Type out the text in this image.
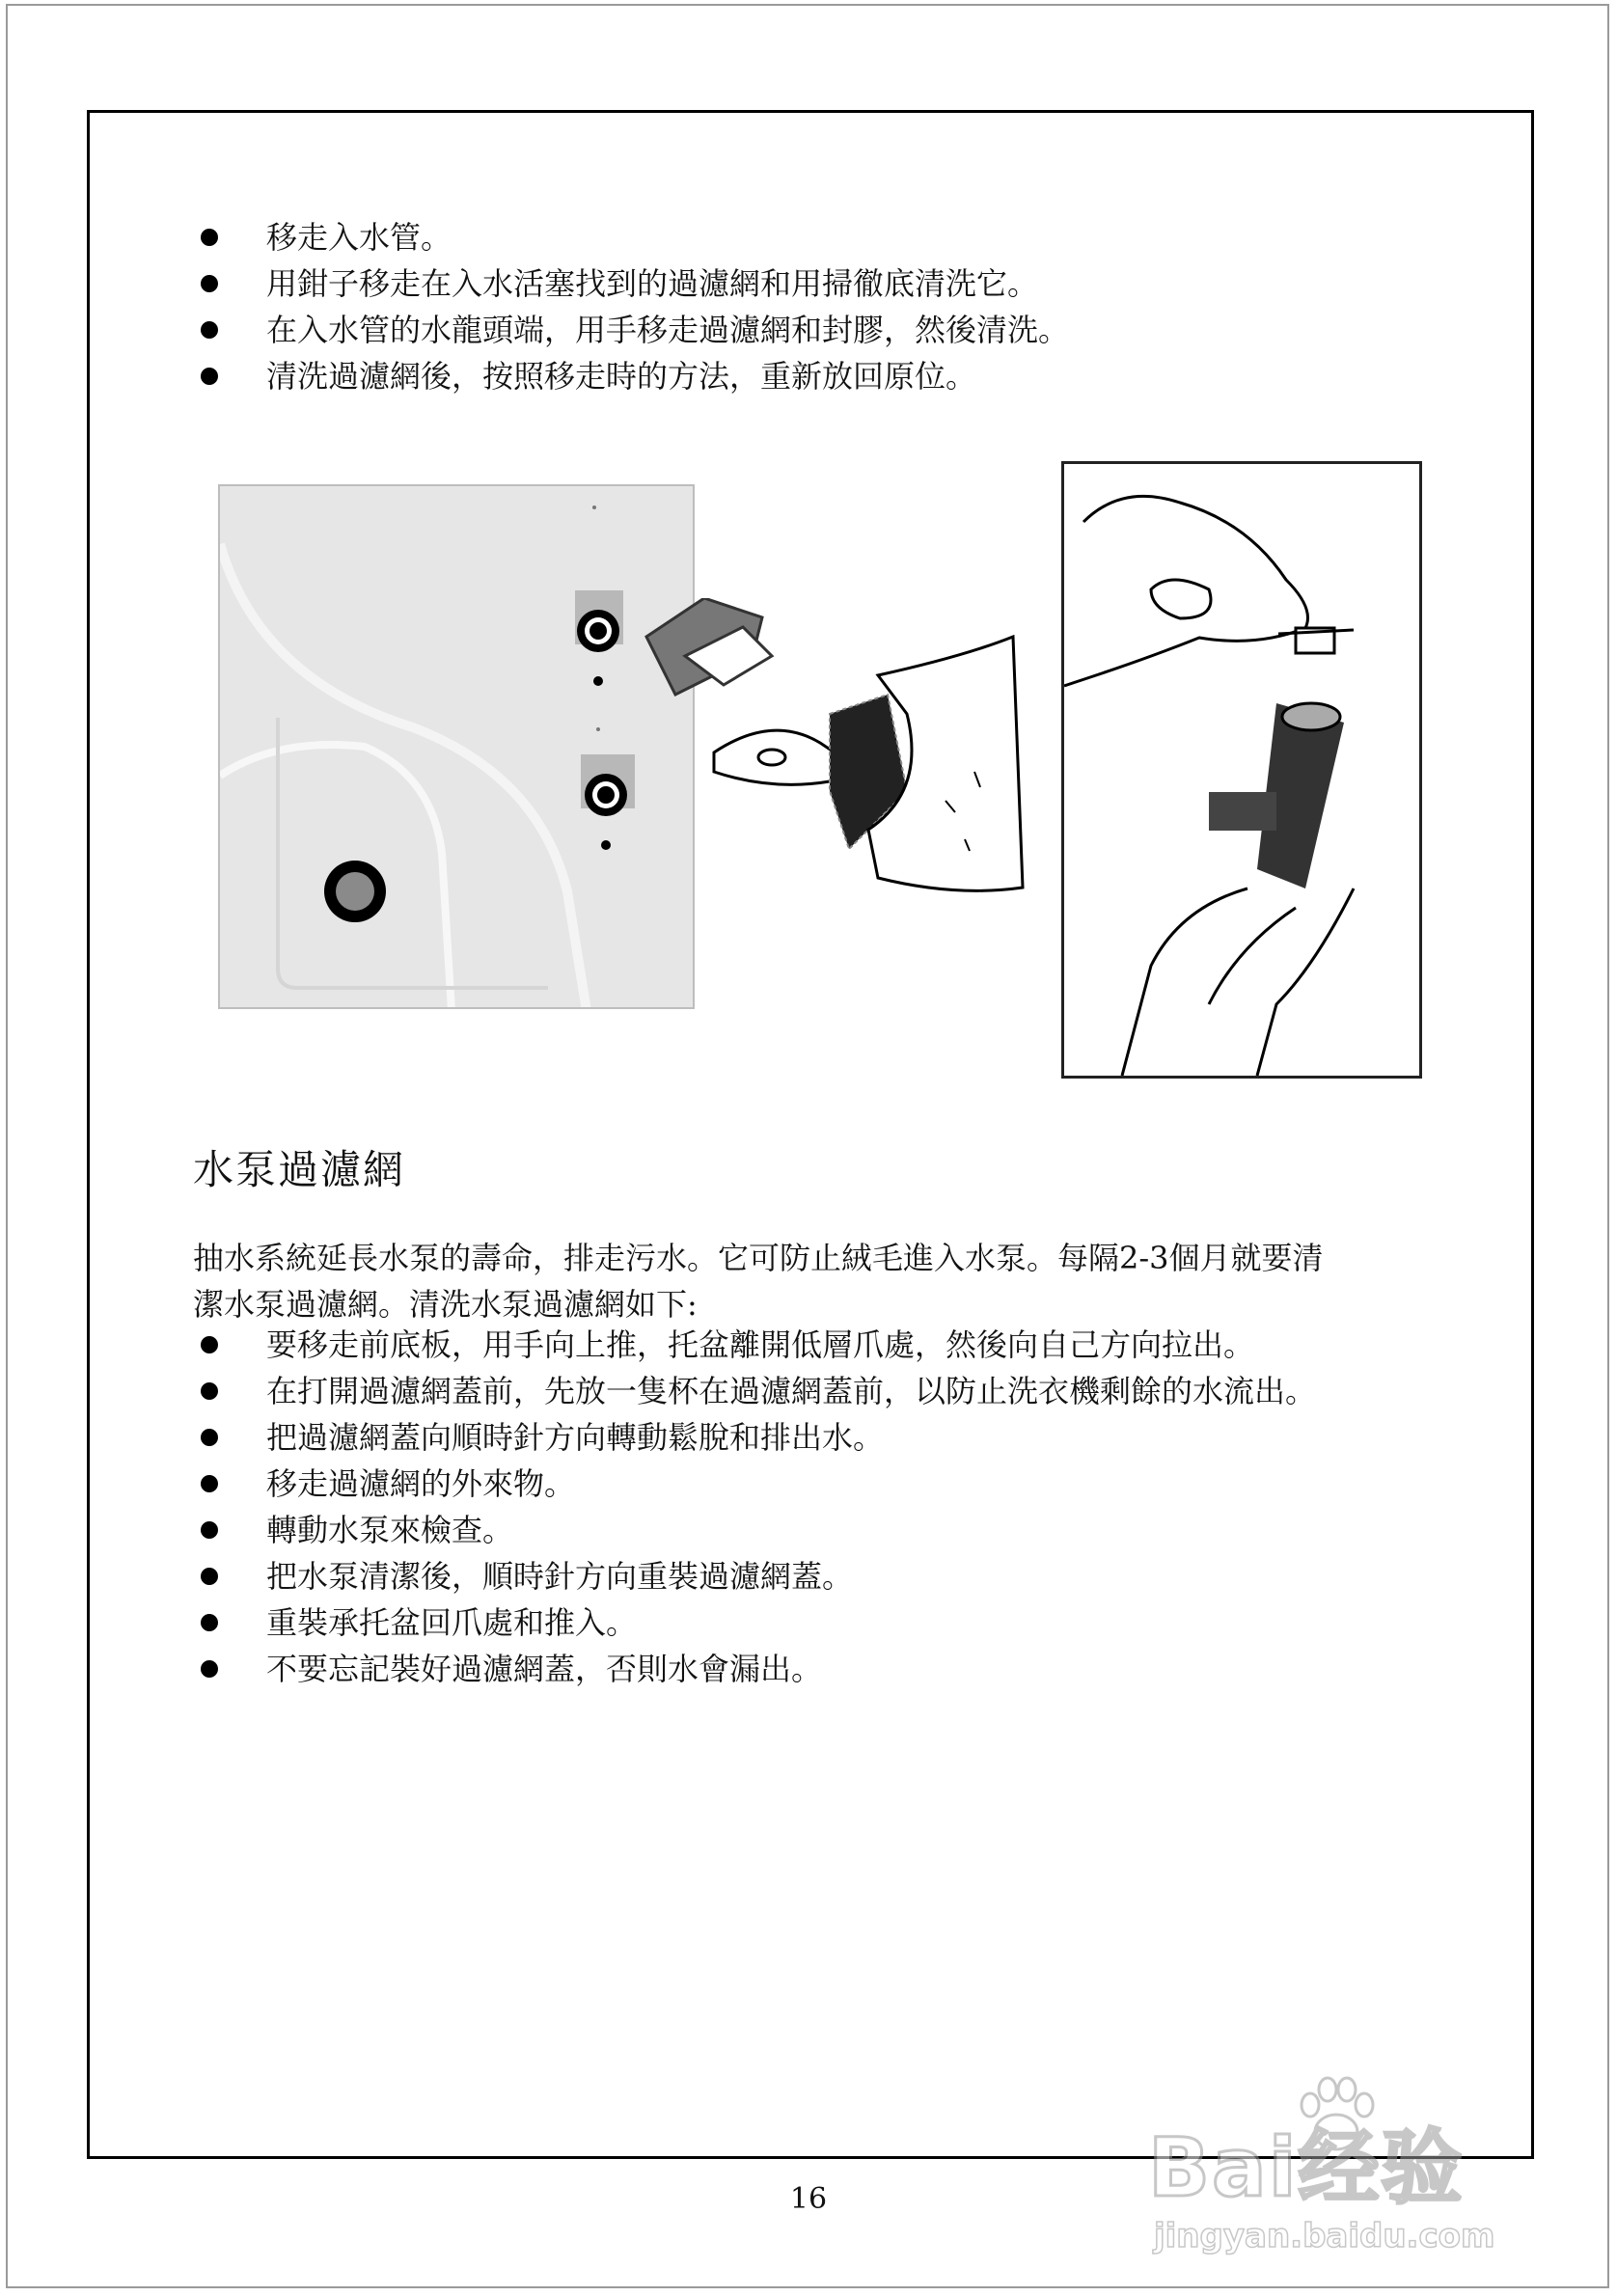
移走入水管。
用鉗子移走在入水活塞找到的過濾網和用掃徹底清洗它。
在入水管的水龍頭端，用手移走過濾網和封膠，然後清洗。
清洗過濾網後，按照移走時的方法，重新放回原位。
水泵過濾網
抽水系統延長水泵的壽命，排走污水。它可防止絨毛進入水泵。每隔2-3個月就要清
潔水泵過濾網。清洗水泵過濾網如下:
要移走前底板，用手向上推，托盆離開低層爪處，然後向自己方向拉出。
在打開過濾網蓋前，先放一隻杯在過濾網蓋前，以防止洗衣機剩餘的水流出。
把過濾網蓋向順時針方向轉動鬆脫和排出水。
移走過濾網的外來物。
轉動水泵來檢查。
把水泵清潔後，順時針方向重裝過濾網蓋。
重裝承托盆回爪處和推入。
不要忘記裝好過濾網蓋，否則水會漏出。
16	Bai经验
jingyan.baidu.com
